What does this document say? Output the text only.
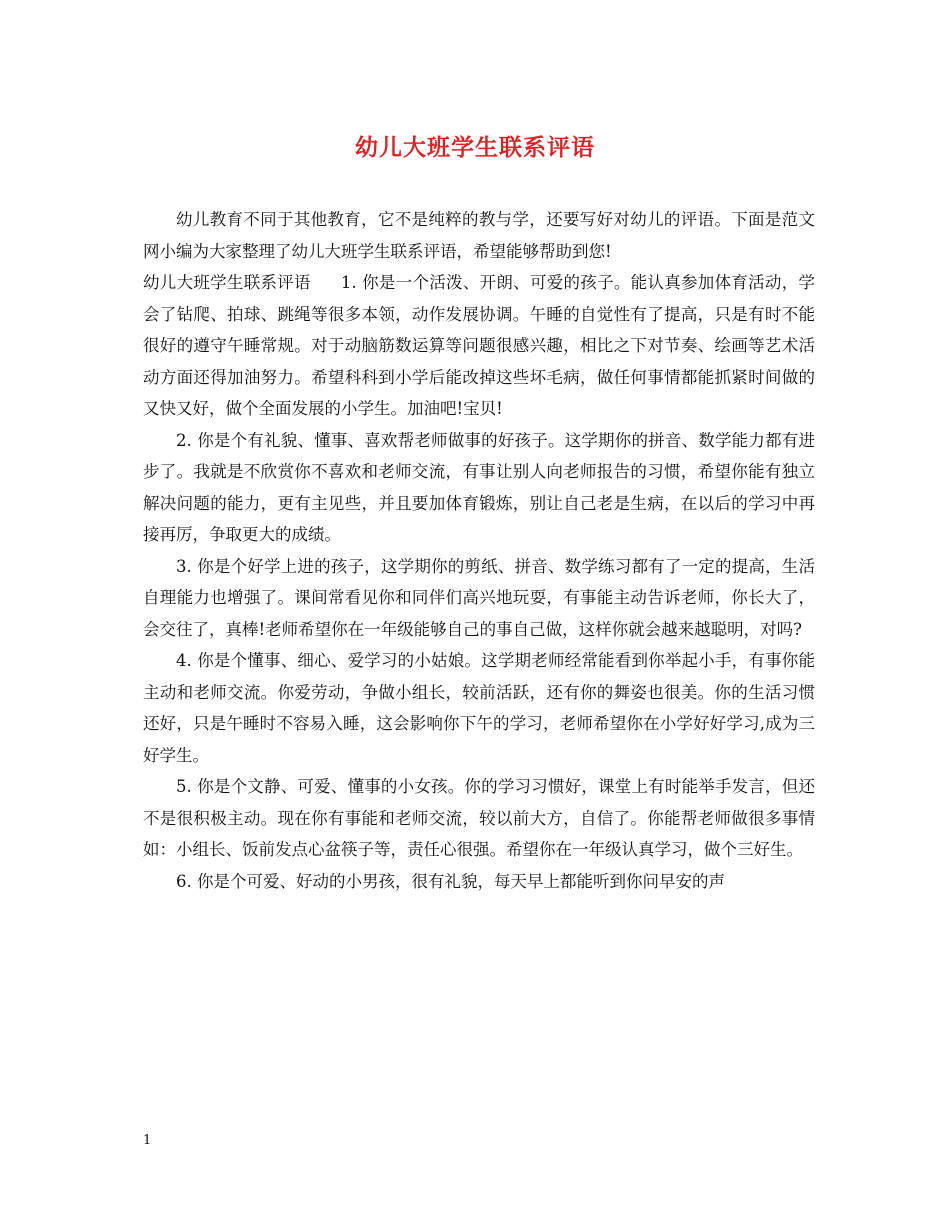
幼儿大班学生联系评语

幼儿教育不同于其他教育，它不是纯粹的教与学，还要写好对幼儿的评语。下面是范文网小编为大家整理了幼儿大班学生联系评语，希望能够帮助到您!

幼儿大班学生联系评语 1. 你是一个活泼、开朗、可爱的孩子。能认真参加体育活动，学会了钻爬、拍球、跳绳等很多本领，动作发展协调。午睡的自觉性有了提高，只是有时不能很好的遵守午睡常规。对于动脑筋数运算等问题很感兴趣，相比之下对节奏、绘画等艺术活动方面还得加油努力。希望科科到小学后能改掉这些坏毛病，做任何事情都能抓紧时间做的又快又好，做个全面发展的小学生。加油吧!宝贝!

2. 你是个有礼貌、懂事、喜欢帮老师做事的好孩子。这学期你的拼音、数学能力都有进步了。我就是不欣赏你不喜欢和老师交流，有事让别人向老师报告的习惯，希望你能有独立解决问题的能力，更有主见些，并且要加体育锻炼，别让自己老是生病，在以后的学习中再接再厉，争取更大的成绩。

3. 你是个好学上进的孩子，这学期你的剪纸、拼音、数学练习都有了一定的提高，生活自理能力也增强了。课间常看见你和同伴们高兴地玩耍，有事能主动告诉老师，你长大了，会交往了，真棒!老师希望你在一年级能够自己的事自己做，这样你就会越来越聪明，对吗?

4. 你是个懂事、细心、爱学习的小姑娘。这学期老师经常能看到你举起小手，有事你能主动和老师交流。你爱劳动，争做小组长，较前活跃，还有你的舞姿也很美。你的生活习惯还好，只是午睡时不容易入睡，这会影响你下午的学习，老师希望你在小学好好学习,成为三好学生。

5. 你是个文静、可爱、懂事的小女孩。你的学习习惯好，课堂上有时能举手发言，但还不是很积极主动。现在你有事能和老师交流，较以前大方，自信了。你能帮老师做很多事情如：小组长、饭前发点心盆筷子等，责任心很强。希望你在一年级认真学习，做个三好生。

6. 你是个可爱、好动的小男孩，很有礼貌，每天早上都能听到你问早安的声

1
